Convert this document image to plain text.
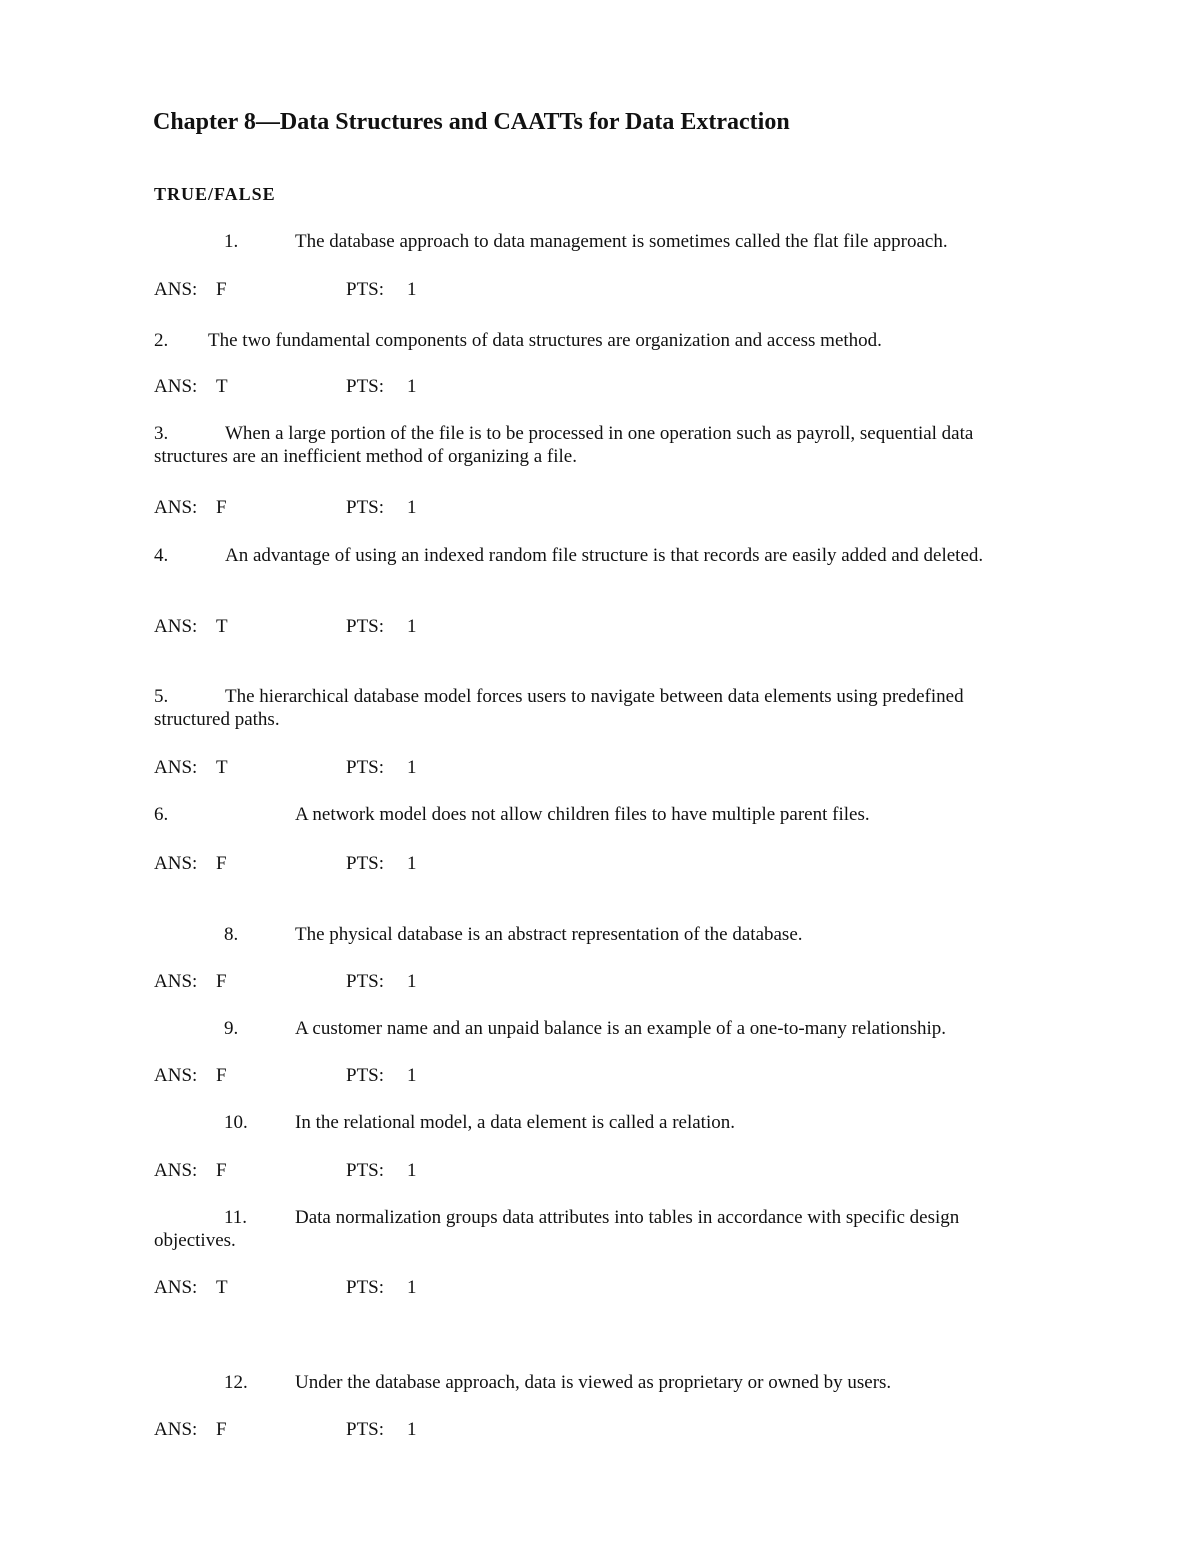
Chapter 8—Data Structures and CAATTs for Data Extraction
TRUE/FALSE
1.	The database approach to data management is sometimes called the flat file approach.
ANS: F	PTS: 1
2. The two fundamental components of data structures are organization and access method.
ANS: T	PTS: 1
3.	When a large portion of the file is to be processed in one operation such as payroll, sequential data structures are an inefficient method of organizing a file.
ANS: F	PTS: 1
4.	An advantage of using an indexed random file structure is that records are easily added and deleted.
ANS: T	PTS: 1
5.	The hierarchical database model forces users to navigate between data elements using predefined structured paths.
ANS: T	PTS: 1
6.	A network model does not allow children files to have multiple parent files.
ANS: F	PTS: 1
8.	The physical database is an abstract representation of the database.
ANS: F	PTS: 1
9.	A customer name and an unpaid balance is an example of a one-to-many relationship.
ANS: F	PTS: 1
10. In the relational model, a data element is called a relation.
ANS: F	PTS: 1
11.	Data normalization groups data attributes into tables in accordance with specific design objectives.
ANS: T	PTS: 1
12. Under the database approach, data is viewed as proprietary or owned by users.
ANS: F	PTS: 1
